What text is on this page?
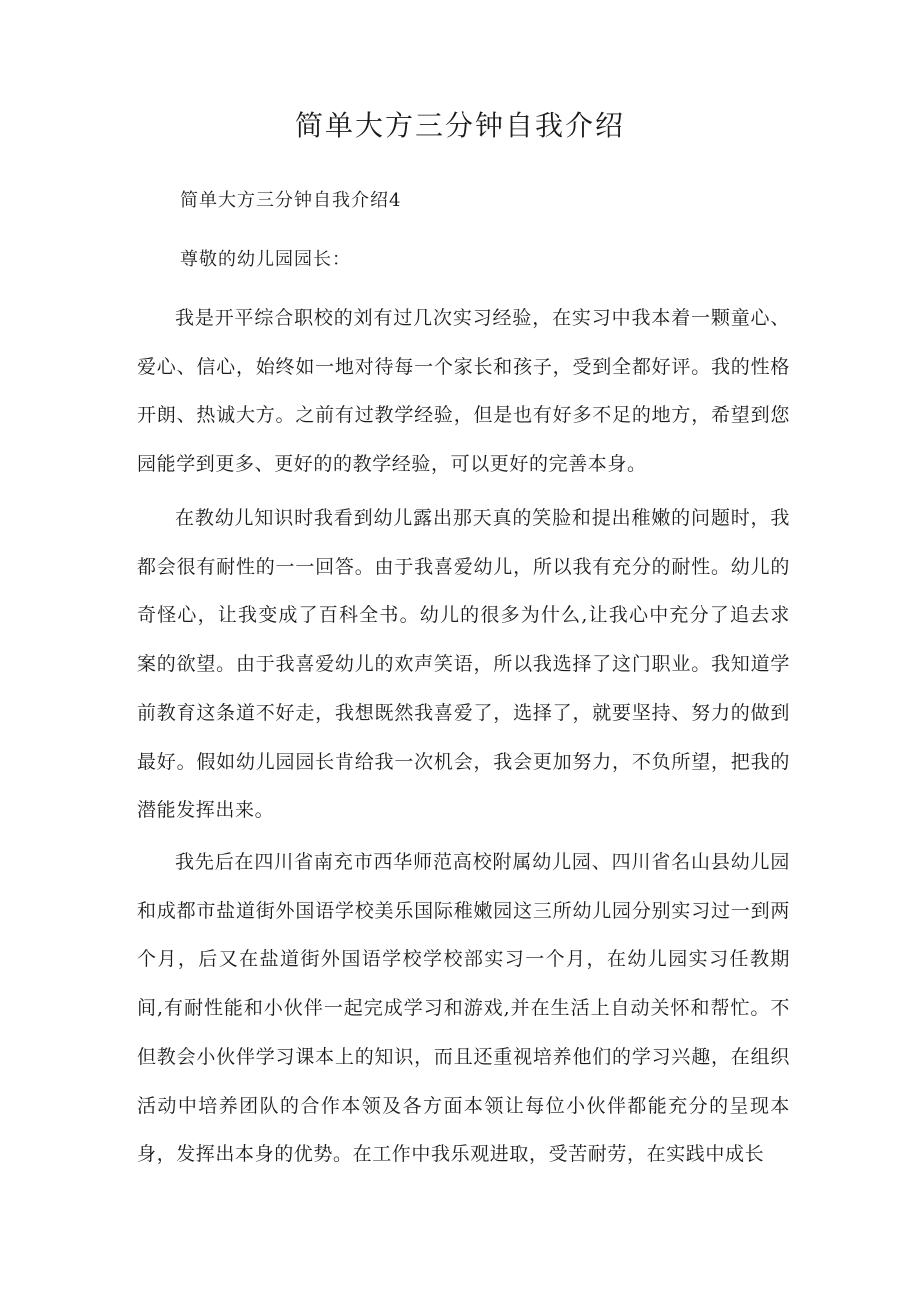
简单大方三分钟自我介绍

简单大方三分钟自我介绍4

尊敬的幼儿园园长：

我是开平综合职校的刘有过几次实习经验，在实习中我本着一颗童心、爱心、信心，始终如一地对待每一个家长和孩子，受到全都好评。我的性格开朗、热诚大方。之前有过教学经验，但是也有好多不足的地方，希望到您园能学到更多、更好的的教学经验，可以更好的完善本身。

在教幼儿知识时我看到幼儿露出那天真的笑脸和提出稚嫩的问题时，我都会很有耐性的一一回答。由于我喜爱幼儿，所以我有充分的耐性。幼儿的奇怪心，让我变成了百科全书。幼儿的很多为什么,让我心中充分了追去求案的欲望。由于我喜爱幼儿的欢声笑语，所以我选择了这门职业。我知道学前教育这条道不好走，我想既然我喜爱了，选择了，就要坚持、努力的做到最好。假如幼儿园园长肯给我一次机会，我会更加努力，不负所望，把我的潜能发挥出来。

我先后在四川省南充市西华师范高校附属幼儿园、四川省名山县幼儿园和成都市盐道街外国语学校美乐国际稚嫩园这三所幼儿园分别实习过一到两个月，后又在盐道街外国语学校学校部实习一个月，在幼儿园实习任教期间,有耐性能和小伙伴一起完成学习和游戏,并在生活上自动关怀和帮忙。不但教会小伙伴学习课本上的知识，而且还重视培养他们的学习兴趣，在组织活动中培养团队的合作本领及各方面本领让每位小伙伴都能充分的呈现本身，发挥出本身的优势。在工作中我乐观进取，受苦耐劳，在实践中成长
